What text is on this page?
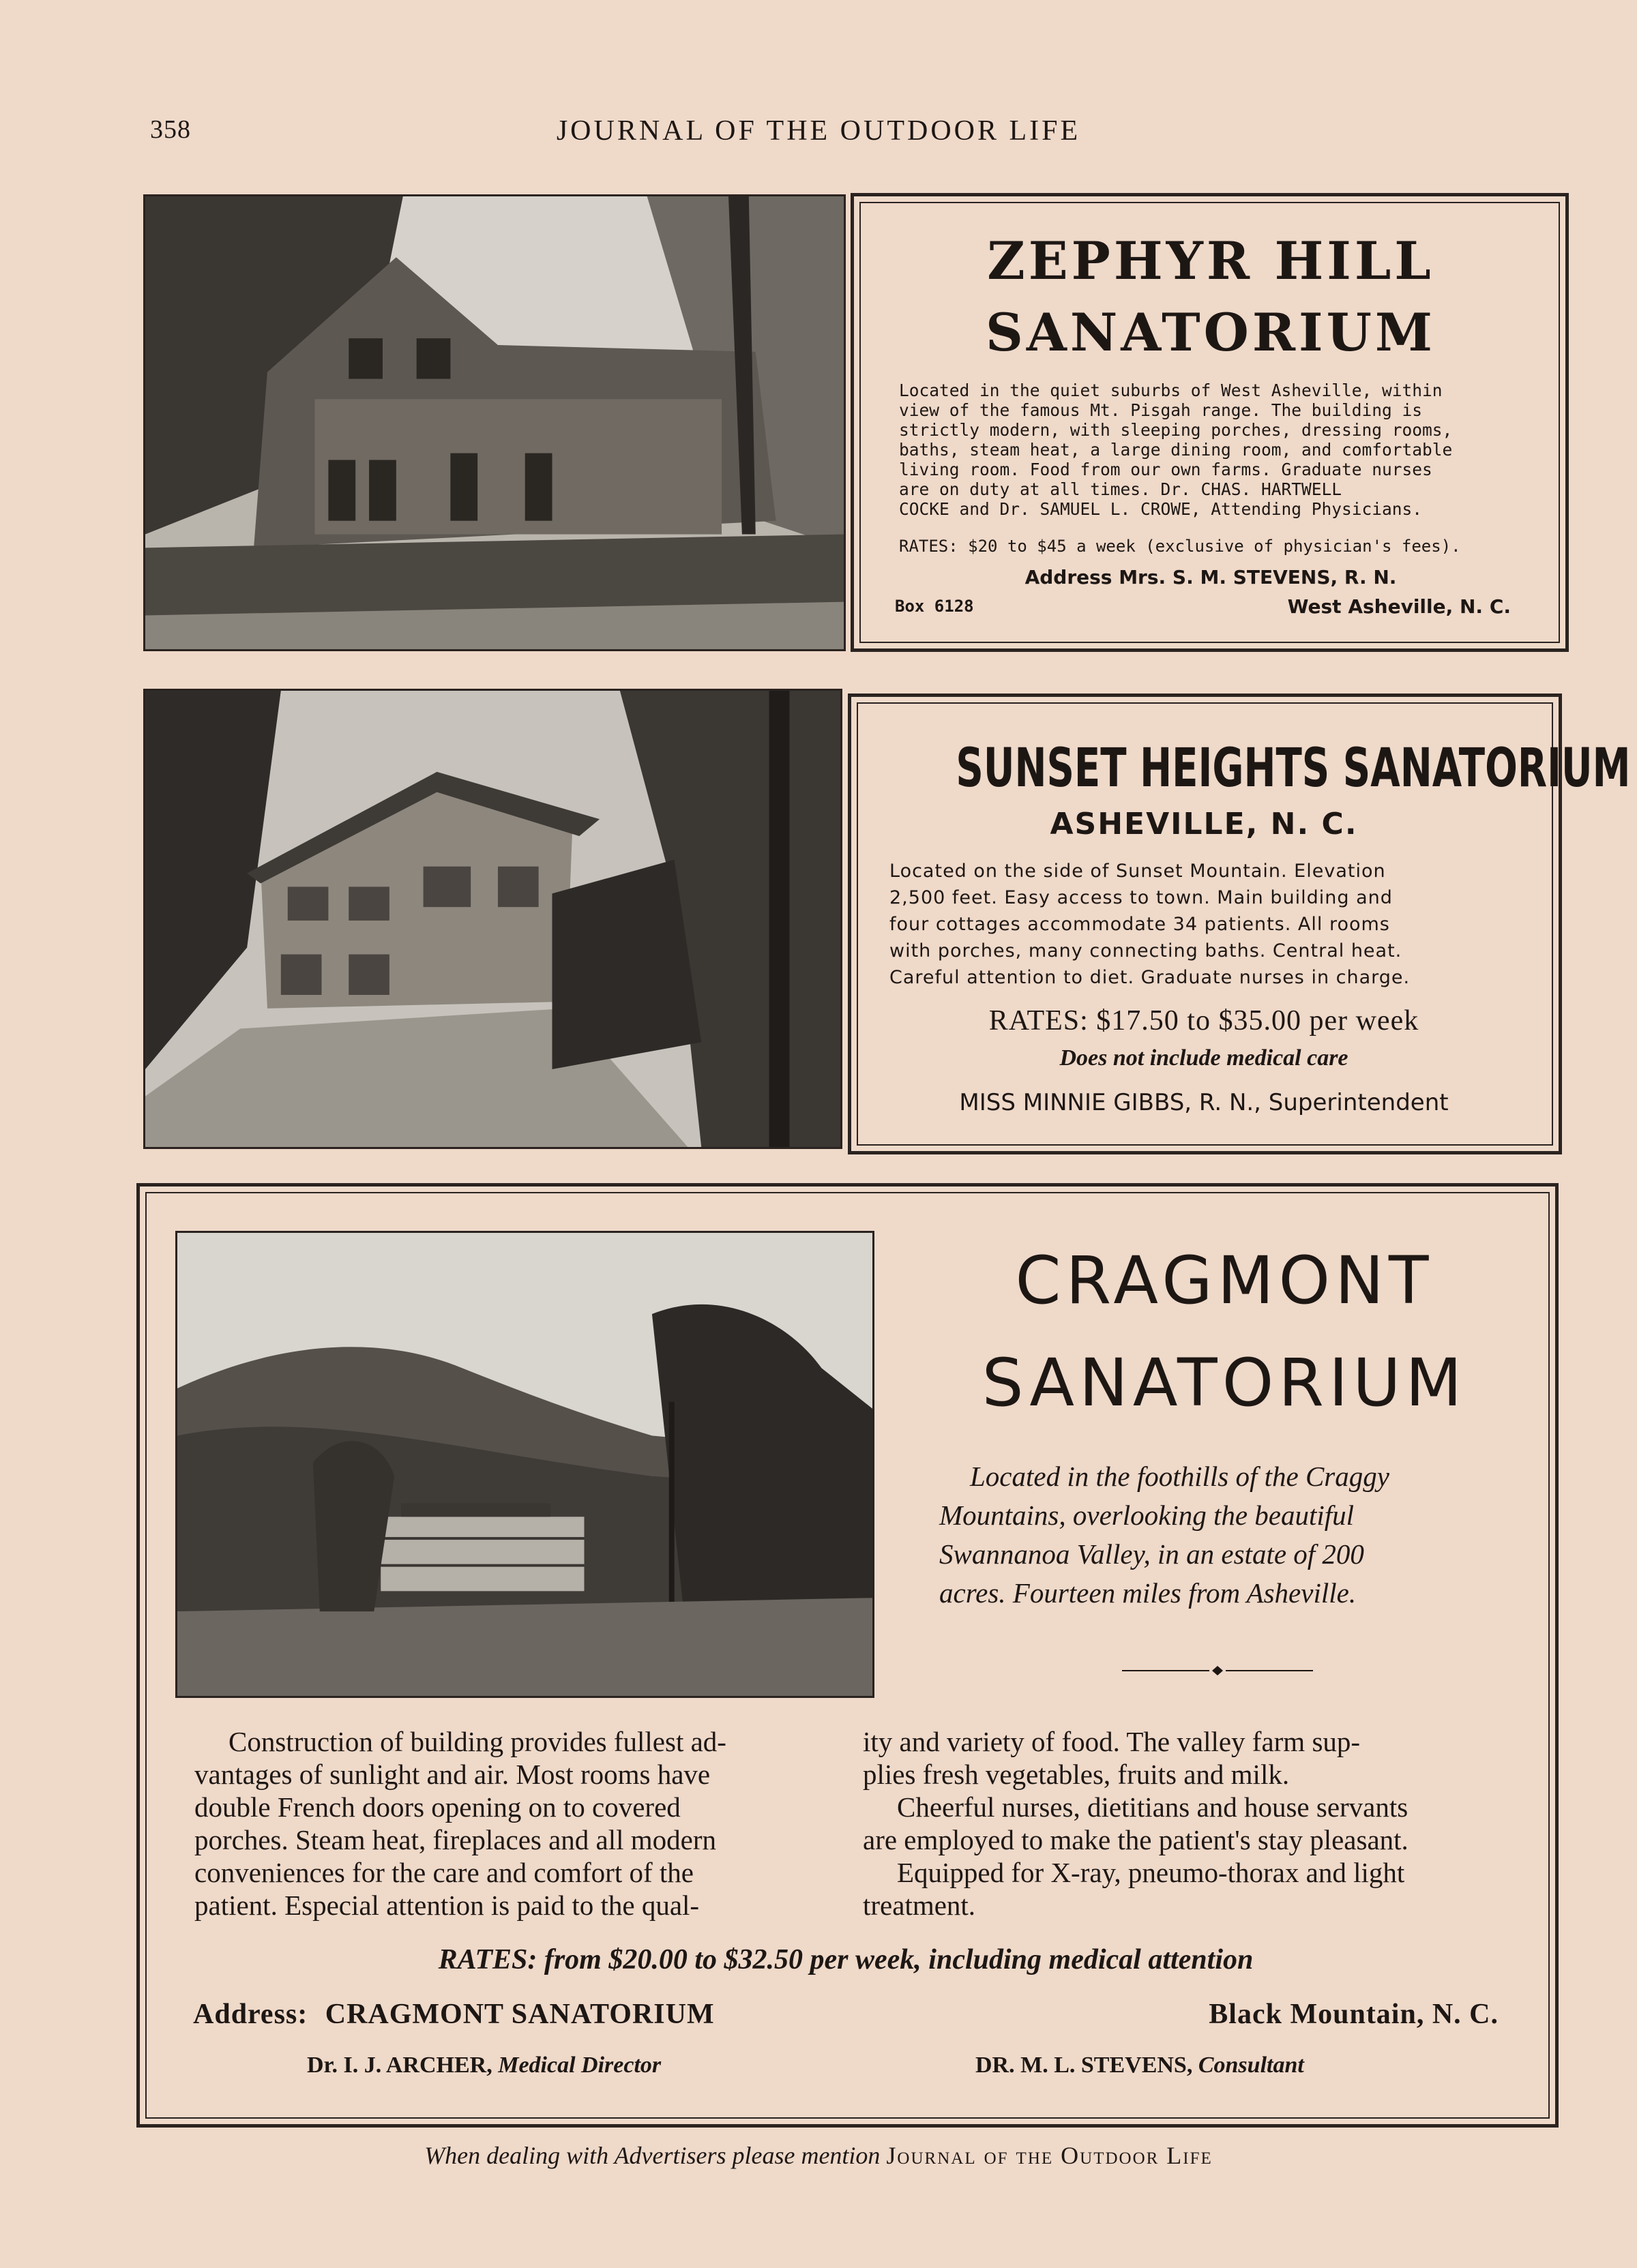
358	JOURNAL OF THE OUTDOOR LIFE
ZEPHYR HILL
SANATORIUM
Located in the quiet suburbs of West Asheville, within
view of the famous Mt. Pisgah range. The building is
strictly modern, with sleeping porches, dressing rooms,
baths, steam heat, a large dining room, and comfortable
living room. Food from our own farms. Graduate nurses
are on duty at all times. Dr. CHAS. HARTWELL
COCKE and Dr. SAMUEL L. CROWE, Attending Physicians.
RATES: $20 to $45 a week (exclusive of physician's fees).
Address Mrs. S. M. STEVENS, R. N.
Box 6128	West Asheville, N. C.
SUNSET HEIGHTS SANATORIUM
ASHEVILLE, N. C.
Located on the side of Sunset Mountain. Elevation
2,500 feet. Easy access to town. Main building and
four cottages accommodate 34 patients. All rooms
with porches, many connecting baths. Central heat.
Careful attention to diet. Graduate nurses in charge.
RATES: $17.50 to $35.00 per week
Does not include medical care
MISS MINNIE GIBBS, R. N., Superintendent
CRAGMONT
SANATORIUM
Located in the foothills of the Craggy
Mountains, overlooking the beautiful
Swannanoa Valley, in an estate of 200
acres. Fourteen miles from Asheville.
Construction of building provides fullest ad-
vantages of sunlight and air. Most rooms have
double French doors opening on to covered
porches. Steam heat, fireplaces and all modern
conveniences for the care and comfort of the
patient. Especial attention is paid to the qual-
ity and variety of food. The valley farm sup-
plies fresh vegetables, fruits and milk.
Cheerful nurses, dietitians and house servants
are employed to make the patient's stay pleasant.
Equipped for X-ray, pneumo-thorax and light
treatment.
RATES: from $20.00 to $32.50 per week, including medical attention
Address: CRAGMONT SANATORIUM	Black Mountain, N. C.
Dr. I. J. ARCHER, Medical Director	DR. M. L. STEVENS, Consultant
When dealing with Advertisers please mention Journal of the Outdoor Life
